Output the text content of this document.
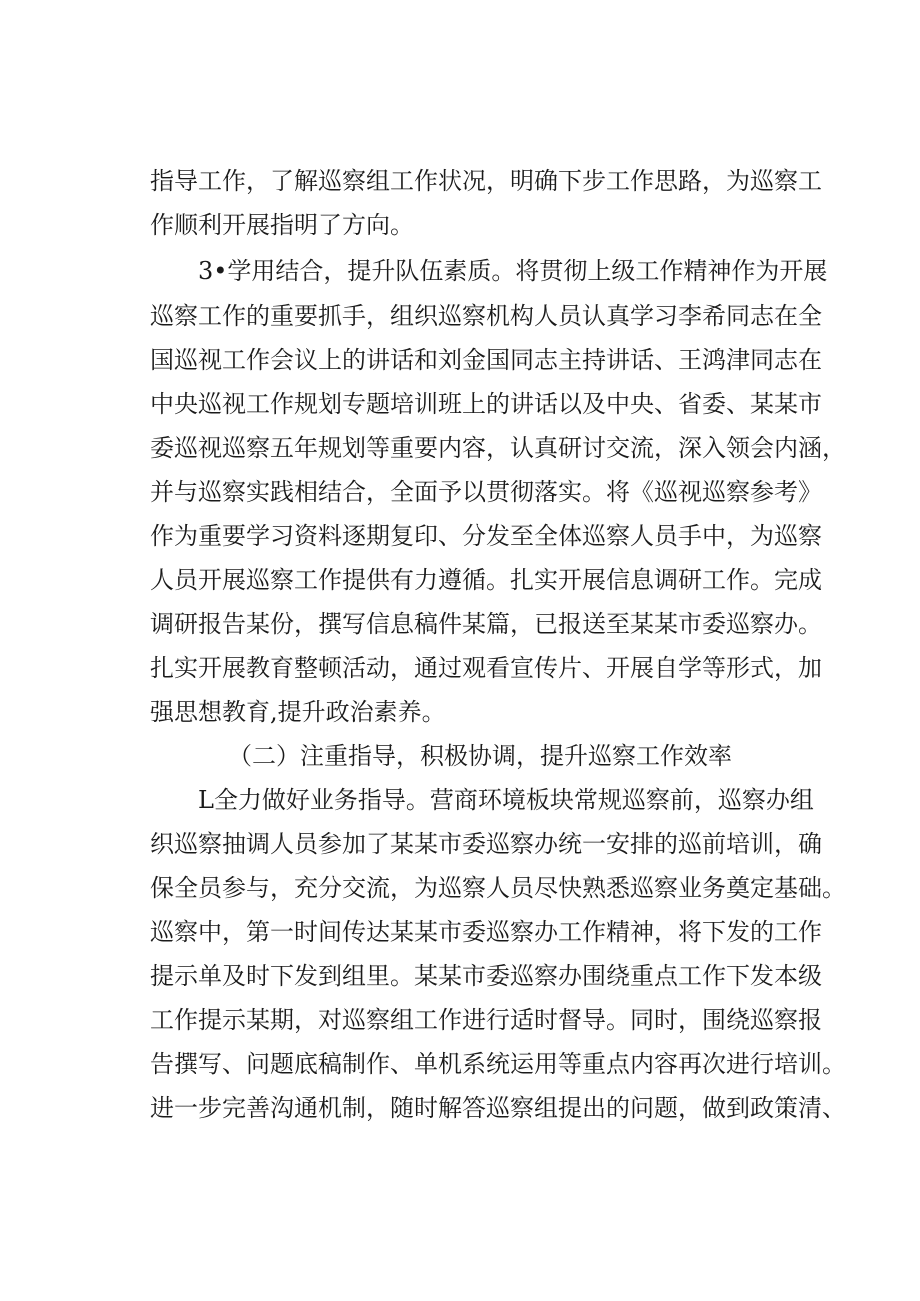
指导工作，了解巡察组工作状况，明确下步工作思路，为巡察工
作顺利开展指明了方向。
3•学用结合，提升队伍素质。将贯彻上级工作精神作为开展
巡察工作的重要抓手，组织巡察机构人员认真学习李希同志在全
国巡视工作会议上的讲话和刘金国同志主持讲话、王鸿津同志在
中央巡视工作规划专题培训班上的讲话以及中央、省委、某某市
委巡视巡察五年规划等重要内容，认真研讨交流，深入领会内涵，
并与巡察实践相结合，全面予以贯彻落实。将《巡视巡察参考》
作为重要学习资料逐期复印、分发至全体巡察人员手中，为巡察
人员开展巡察工作提供有力遵循。扎实开展信息调研工作。完成
调研报告某份，撰写信息稿件某篇，已报送至某某市委巡察办。
扎实开展教育整顿活动，通过观看宣传片、开展自学等形式，加
强思想教育,提升政治素养。
（二）注重指导，积极协调，提升巡察工作效率
L全力做好业务指导。营商环境板块常规巡察前，巡察办组
织巡察抽调人员参加了某某市委巡察办统一安排的巡前培训，确
保全员参与，充分交流，为巡察人员尽快熟悉巡察业务奠定基础。
巡察中，第一时间传达某某市委巡察办工作精神，将下发的工作
提示单及时下发到组里。某某市委巡察办围绕重点工作下发本级
工作提示某期，对巡察组工作进行适时督导。同时，围绕巡察报
告撰写、问题底稿制作、单机系统运用等重点内容再次进行培训。
进一步完善沟通机制，随时解答巡察组提出的问题，做到政策清、
